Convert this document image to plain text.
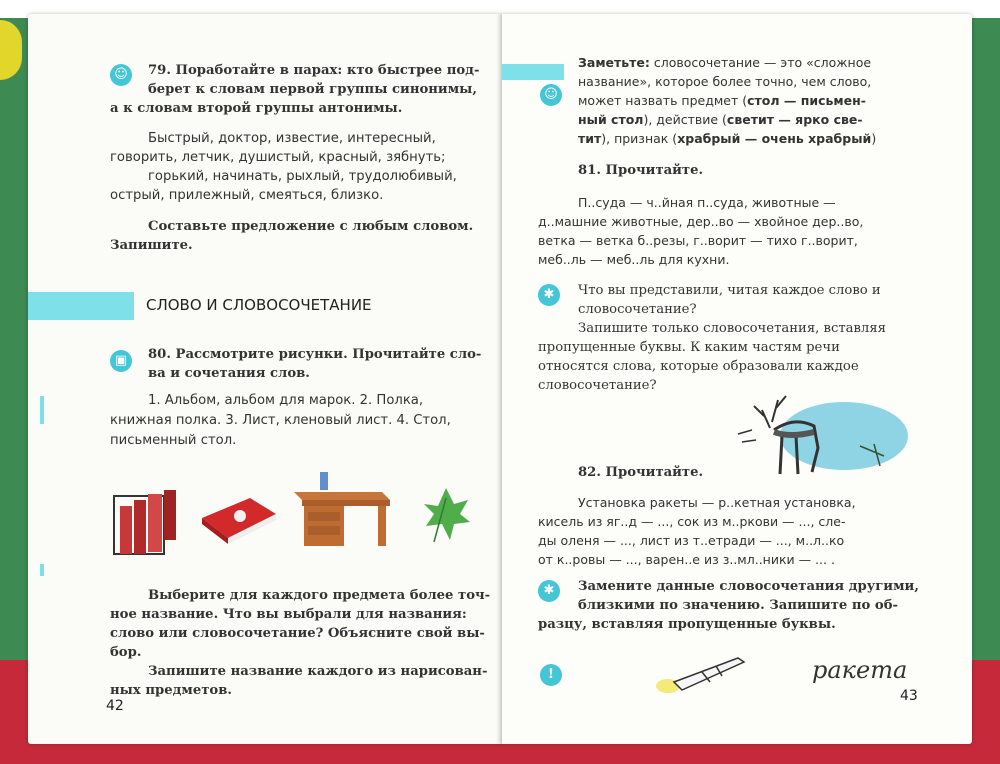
☺	79. Поработайте в парах: кто быстрее под-
берет к словам первой группы синонимы,
а к словам второй группы антонимы.
Быстрый, доктор, известие, интересный,
говорить, летчик, душистый, красный, зябнуть;
горький, начинать, рыхлый, трудолюбивый,
острый, прилежный, смеяться, близко.
Составьте предложение с любым словом.
Запишите.
СЛОВО И СЛОВОСОЧЕТАНИЕ
▣	80. Рассмотрите рисунки. Прочитайте сло-
ва и сочетания слов.
1. Альбом, альбом для марок. 2. Полка,
книжная полка. 3. Лист, кленовый лист. 4. Стол,
письменный стол.
Выберите для каждого предмета более точ-
ное название. Что вы выбрали для названия:
слово или словосочетание? Объясните свой вы-
бор.
Запишите название каждого из нарисован-
ных предметов.
42
☺
Заметьте: словосочетание — это «сложное
название», которое более точно, чем слово,
может назвать предмет (стол — письмен-
ный стол), действие (светит — ярко све-
тит), признак (храбрый — очень храбрый)
81. Прочитайте.
П..суда — ч..йная п..суда, животные —
д..машние животные, дер..во — хвойное дер..во,
ветка — ветка б..резы, г..ворит — тихо г..ворит,
меб..ль — меб..ль для кухни.
✱	Что вы представили, читая каждое слово и
словосочетание?
Запишите только словосочетания, вставляя
пропущенные буквы. К каким частям речи
относятся слова, которые образовали каждое
словосочетание?
82. Прочитайте.
Установка ракеты — р..кетная установка,
кисель из яг..д — ..., сок из м..ркови — ..., сле-
ды оленя — ..., лист из т..етради — ..., м..л..ко
от к..ровы — ..., варен..е из з..мл..ники — ... .
✱	Замените данные словосочетания другими,
близкими по значению. Запишите по об-
разцу, вставляя пропущенные буквы.
!	ракета
43
